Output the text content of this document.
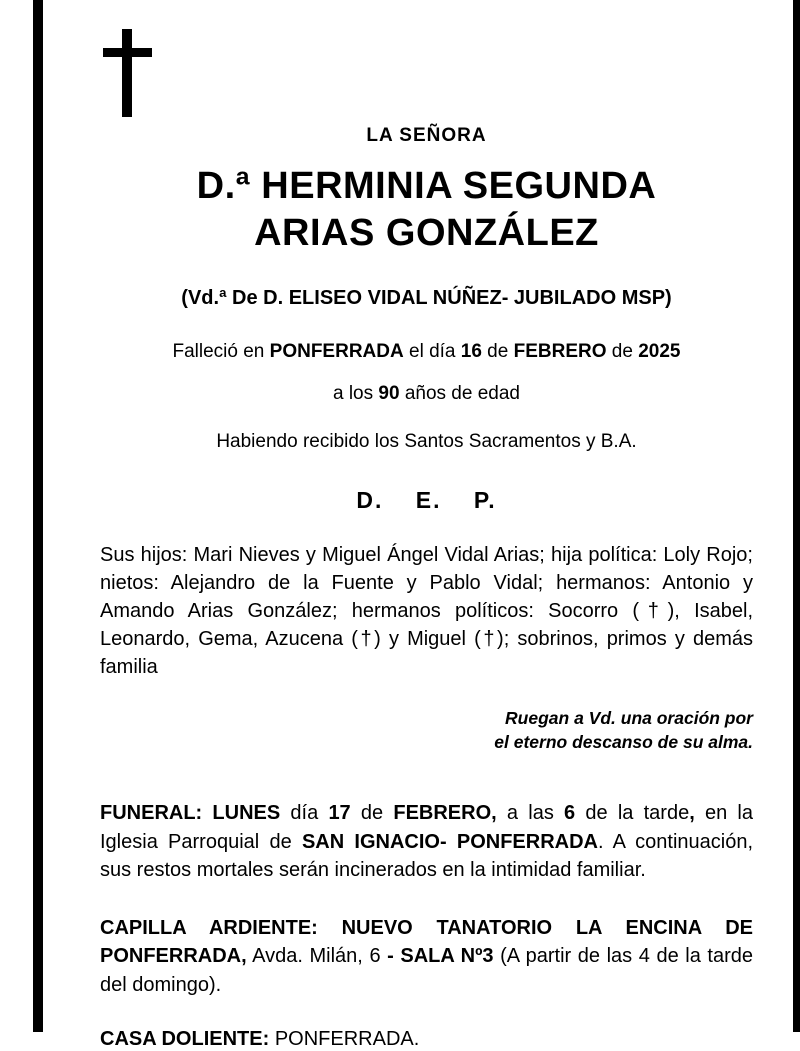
LA SEÑORA
D.ª HERMINIA SEGUNDA
ARIAS GONZÁLEZ
(Vd.ª De D. ELISEO VIDAL NÚÑEZ- JUBILADO MSP)
Falleció en PONFERRADA el día 16 de FEBRERO de 2025
a los 90 años de edad
Habiendo recibido los Santos Sacramentos y B.A.
D. E. P.
Sus hijos: Mari Nieves y Miguel Ángel Vidal Arias; hija política: Loly Rojo; nietos: Alejandro de la Fuente y Pablo Vidal; hermanos: Antonio y Amando Arias González; hermanos políticos: Socorro (†), Isabel, Leonardo, Gema, Azucena (†) y Miguel (†); sobrinos, primos y demás familia
Ruegan a Vd. una oración por
el eterno descanso de su alma.
FUNERAL: LUNES día 17 de FEBRERO, a las 6 de la tarde, en la Iglesia Parroquial de SAN IGNACIO- PONFERRADA. A continuación, sus restos mortales serán incinerados en la intimidad familiar.
CAPILLA ARDIENTE: NUEVO TANATORIO LA ENCINA DE PONFERRADA, Avda. Milán, 6 - SALA Nº3 (A partir de las 4 de la tarde del domingo).
CASA DOLIENTE: PONFERRADA.
